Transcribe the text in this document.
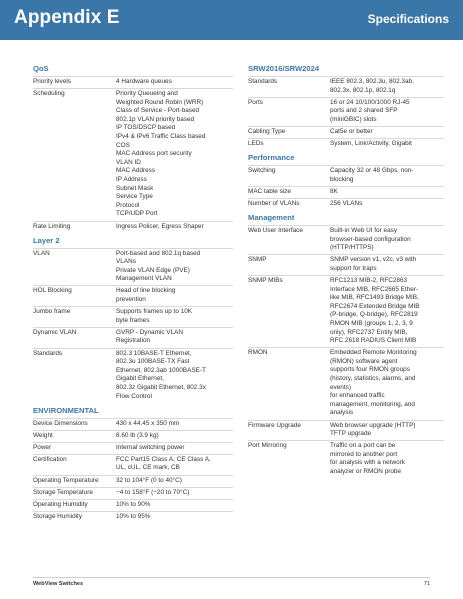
Appendix E	Specifications
QoS
Priority levels	4 Hardware queues
Scheduling	Priority Queueing and
Weighted Round Robin (WRR)
Class of Service - Port-based
802.1p VLAN priority based
IP TOS/DSCP based
IPv4 & IPv6 Traffic Class based
COS
MAC Address port security
VLAN ID
MAC Address
IP Address
Subnet Mask
Service Type
Protocol
TCP/UDP Port
Rate Limiting	Ingress Policer, Egress Shaper
Layer 2
VLAN	Port-based and 802.1q based
VLANs
Private VLAN Edge (PVE)
Management VLAN
HOL Blocking	Head of line blocking
prevention
Jumbo frame	Supports frames up to 10K
byte frames
Dynamic VLAN	GVRP - Dynamic VLAN
Registration
Standards	802.3 10BASE-T Ethernet,
802.3u 100BASE-TX Fast
Ethernet, 802.3ab 1000BASE-T
Gigabit Ethernet,
802.3z Gigabit Ethernet, 802.3x
Flow Control
ENVIRONMENTAL
Device Dimensions	430 x 44.45 x 350 mm
Weight	8.60 lb (3.9 kg)
Power	Internal switching power
Certification	FCC Part15 Class A, CE Class A,
UL, cUL, CE mark, CB
Operating Temperature	32 to 104°F (0 to 40°C)
Storage Temperature	−4 to 158°F (−20 to 70°C)
Operating Humidity	10% to 90%
Storage Humidity	10% to 95%
SRW2016/SRW2024
Standards	IEEE 802.3, 802.3u, 802.3ab,
802.3x, 802.1p, 802.1q
Ports	16 or 24 10/100/1000 RJ-45
ports and 2 shared SFP
(miniGBIC) slots
Cabling Type	Cat5e or better
LEDs	System, Link/Activity, Gigabit
Performance
Switching	Capacity 32 or 48 Gbps, non-
blocking
MAC table size	8K
Number of VLANs	256 VLANs
Management
Web User Interface	Built-in Web UI for easy
browser-based configuration
(HTTP/HTTPS)
SNMP	SNMP version v1, v2c, v3 with
support for traps
SNMP MIBs	RFC1213 MIB-2, RFC2863
Interface MIB, RFC2665 Ether-
like MIB, RFC1493 Bridge MIB,
RFC2674 Extended Bridge MIB
(P-bridge, Q-bridge), RFC2819
RMON MIB (groups 1, 2, 3, 9
only), RFC2737 Entity MIB,
RFC 2618 RADIUS Client MIB
RMON	Embedded Remote Monitoring
(RMON) software agent
supports four RMON groups
(history, statistics, alarms, and
events)
for enhanced traffic
management, monitoring, and
analysis
Firmware Upgrade	Web browser upgrade (HTTP)
TFTP upgrade
Port Mirroring	Traffic on a port can be
mirrored to another port
for analysis with a network
analyzer or RMON probe
WebView Switches	71
